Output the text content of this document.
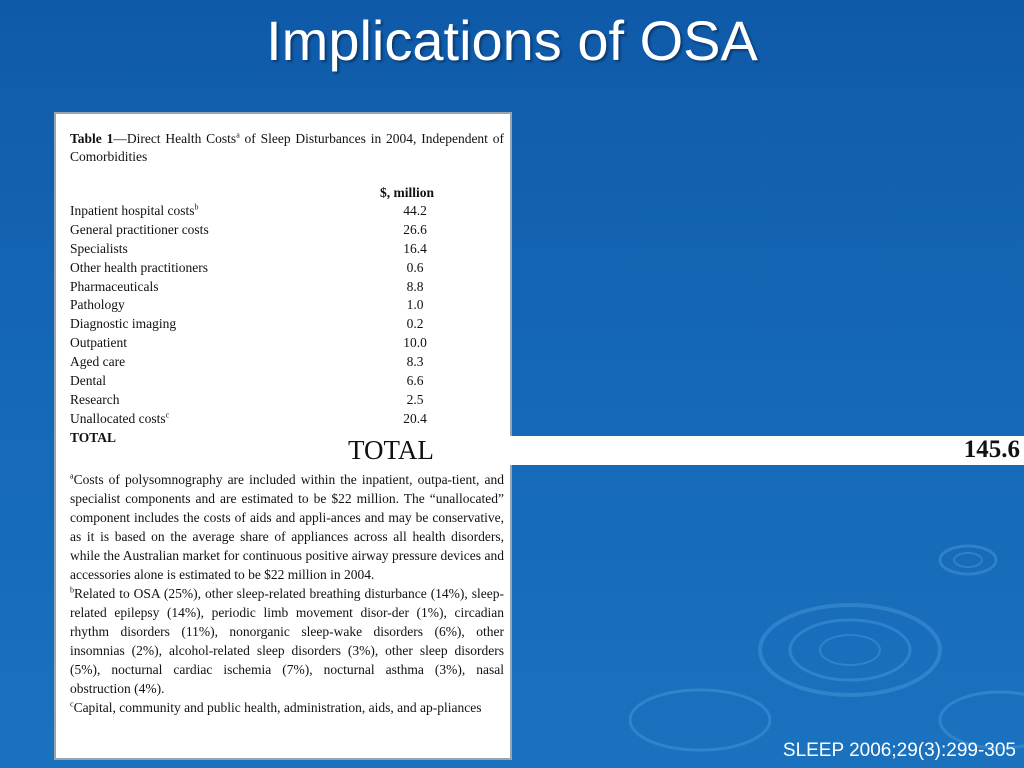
Implications of OSA
Table 1—Direct Health Costs$^a$ of Sleep Disturbances in 2004, Independent of Comorbidities
$, million
Inpatient hospital costs$^b$	44.2
General practitioner costs	26.6
Specialists	16.4
Other health practitioners	0.6
Pharmaceuticals	8.8
Pathology	1.0
Diagnostic imaging	0.2
Outpatient	10.0
Aged care	8.3
Dental	6.6
Research	2.5
Unallocated costs$^c$	20.4
TOTAL

$^a$Costs of polysomnography are included within the inpatient, outpa-tient, and specialist components and are estimated to be $22 million. The “unallocated” component includes the costs of aids and appli-ances and may be conservative, as it is based on the average share of appliances across all health disorders, while the Australian market for continuous positive airway pressure devices and accessories alone is estimated to be $22 million in 2004.

$^b$Related to OSA (25%), other sleep-related breathing disturbance (14%), sleep-related epilepsy (14%), periodic limb movement disor-der (1%), circadian rhythm disorders (11%), nonorganic sleep-wake disorders (6%), other insomnias (2%), alcohol-related sleep disorders (3%), other sleep disorders (5%), nocturnal cardiac ischemia (7%), nocturnal asthma (3%), nasal obstruction (4%).

$^c$Capital, community and public health, administration, aids, and ap-pliances

TOTAL	145.6
SLEEP 2006;29(3):299-305
